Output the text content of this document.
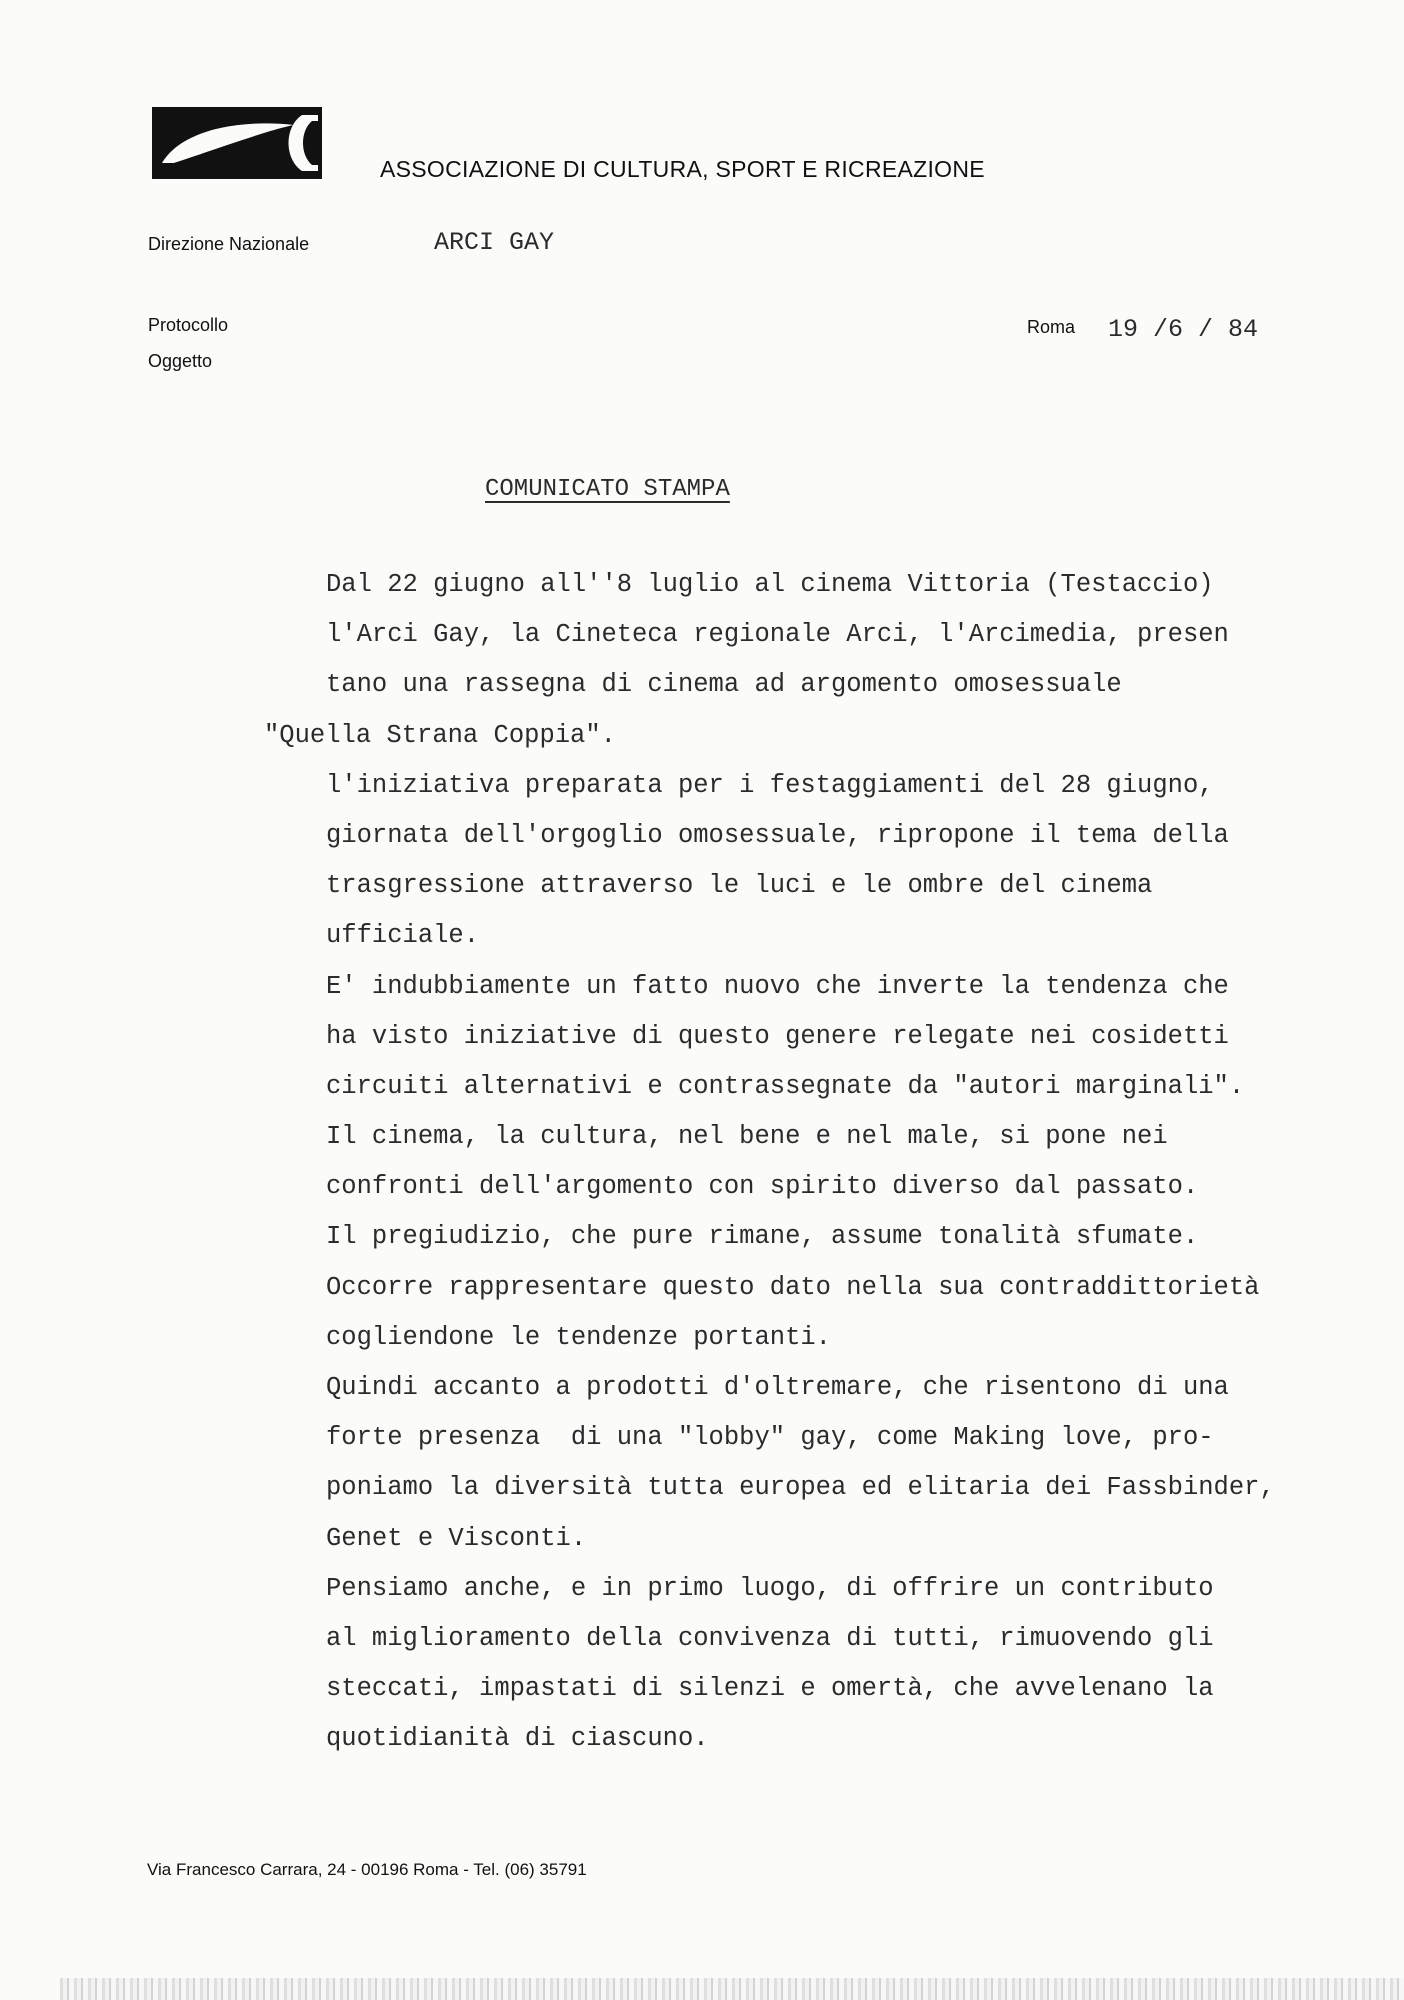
ASSOCIAZIONE DI CULTURA, SPORT E RICREAZIONE
Direzione Nazionale	ARCI GAY
Protocollo
Oggetto
Roma 19 /6 / 84
COMUNICATO STAMPA
Dal 22 giugno all''8 luglio al cinema Vittoria (Testaccio)
l'Arci Gay, la Cineteca regionale Arci, l'Arcimedia, presen
tano una rassegna di cinema ad argomento omosessuale
"Quella Strana Coppia".
l'iniziativa preparata per i festaggiamenti del 28 giugno,
giornata dell'orgoglio omosessuale, ripropone il tema della
trasgressione attraverso le luci e le ombre del cinema
ufficiale.
E' indubbiamente un fatto nuovo che inverte la tendenza che
ha visto iniziative di questo genere relegate nei cosidetti
circuiti alternativi e contrassegnate da "autori marginali".
Il cinema, la cultura, nel bene e nel male, si pone nei
confronti dell'argomento con spirito diverso dal passato.
Il pregiudizio, che pure rimane, assume tonalità sfumate.
Occorre rappresentare questo dato nella sua contraddittorietà
cogliendone le tendenze portanti.
Quindi accanto a prodotti d'oltremare, che risentono di una
forte presenza  di una "lobby" gay, come Making love, pro-
poniamo la diversità tutta europea ed elitaria dei Fassbinder,
Genet e Visconti.
Pensiamo anche, e in primo luogo, di offrire un contributo
al miglioramento della convivenza di tutti, rimuovendo gli
steccati, impastati di silenzi e omertà, che avvelenano la
quotidianità di ciascuno.
Via Francesco Carrara, 24 - 00196 Roma - Tel. (06) 35791
